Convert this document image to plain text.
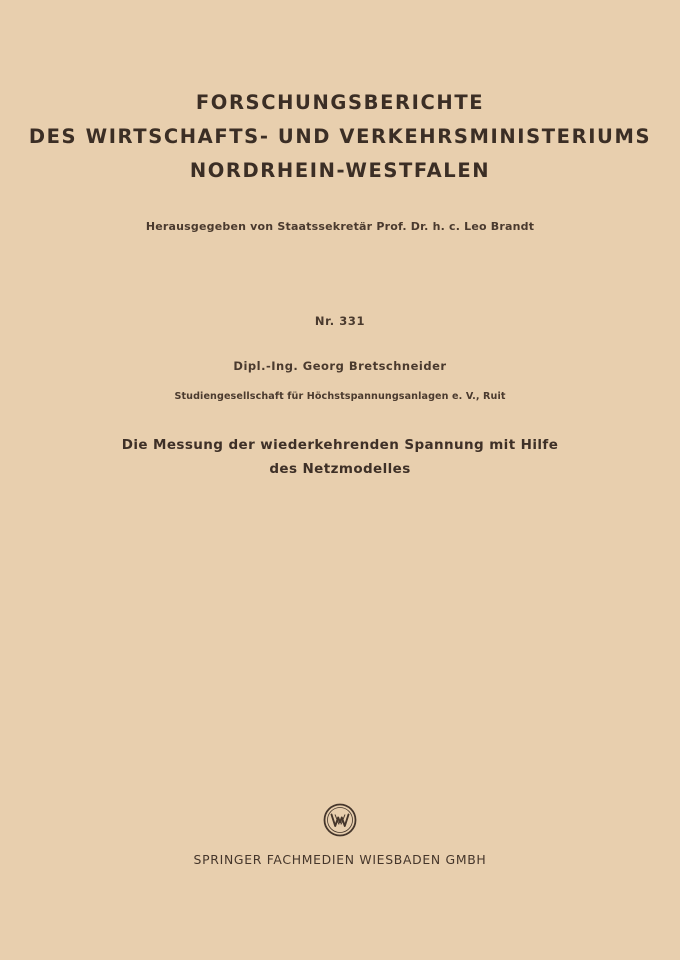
FORSCHUNGSBERICHTE
DES WIRTSCHAFTS- UND VERKEHRSMINISTERIUMS
NORDRHEIN-WESTFALEN
Herausgegeben von Staatssekretär Prof. Dr. h. c. Leo Brandt
Nr. 331
Dipl.-Ing. Georg Bretschneider
Studiengesellschaft für Höchstspannungsanlagen e. V., Ruit
Die Messung der wiederkehrenden Spannung mit Hilfe
des Netzmodelles
SPRINGER FACHMEDIEN WIESBADEN GMBH
